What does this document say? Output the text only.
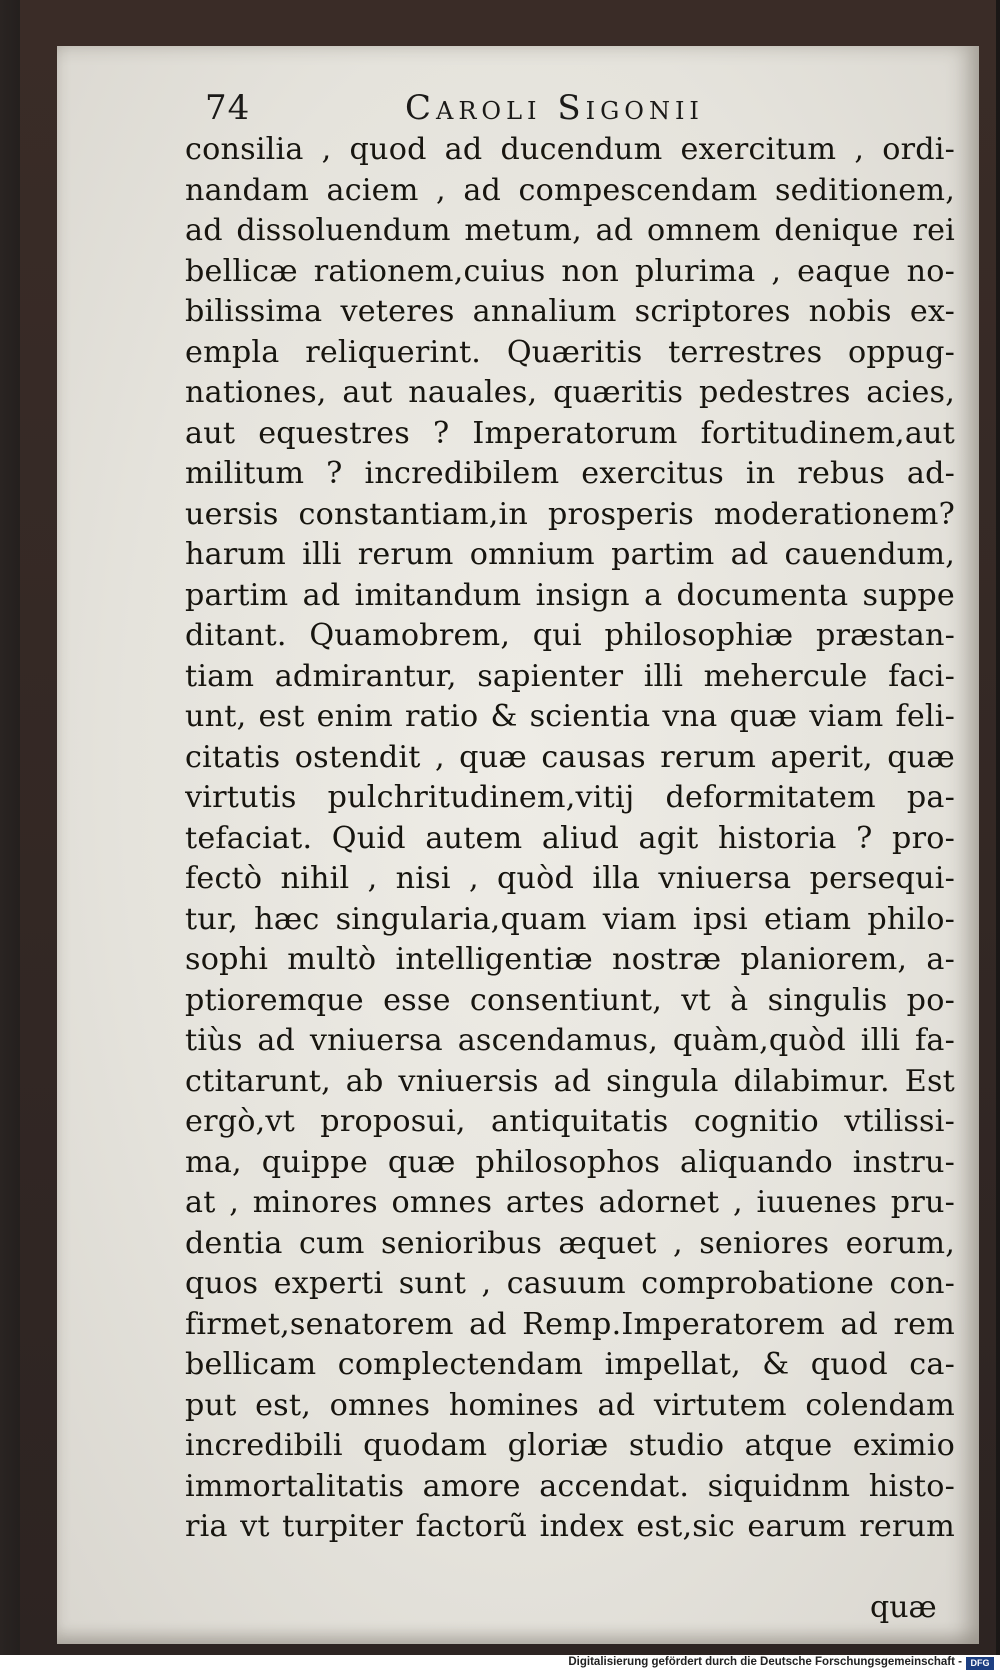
74	Caroli Sigonii
consilia , quod ad ducendum exercitum , ordi-
nandam aciem , ad compescendam seditionem,
ad dissoluendum metum, ad omnem denique rei
bellicæ rationem,cuius non plurima , eaque no-
bilissima veteres annalium scriptores nobis ex-
empla reliquerint. Quæritis terrestres oppug-
nationes, aut nauales, quæritis pedestres acies,
aut equestres ? Imperatorum fortitudinem,aut
militum ? incredibilem exercitus in rebus ad-
uersis constantiam,in prosperis moderationem?
harum illi rerum omnium partim ad cauendum,
partim ad imitandum insign a documenta suppe
ditant. Quamobrem, qui philosophiæ præstan-
tiam admirantur, sapienter illi mehercule faci-
unt, est enim ratio & scientia vna quæ viam feli-
citatis ostendit , quæ causas rerum aperit, quæ
virtutis pulchritudinem,vitij deformitatem pa-
tefaciat. Quid autem aliud agit historia ? pro-
fectò nihil , nisi , quòd illa vniuersa persequi-
tur, hæc singularia,quam viam ipsi etiam philo-
sophi multò intelligentiæ nostræ planiorem, a-
ptioremque esse consentiunt, vt à singulis po-
tiùs ad vniuersa ascendamus, quàm,quòd illi fa-
ctitarunt, ab vniuersis ad singula dilabimur. Est
ergò,vt proposui, antiquitatis cognitio vtilissi-
ma, quippe quæ philosophos aliquando instru-
at , minores omnes artes adornet , iuuenes pru-
dentia cum senioribus æquet , seniores eorum,
quos experti sunt , casuum comprobatione con-
firmet,senatorem ad Remp.Imperatorem ad rem
bellicam complectendam impellat, & quod ca-
put est, omnes homines ad virtutem colendam
incredibili quodam gloriæ studio atque eximio
immortalitatis amore accendat. siquidnm histo-
ria vt turpiter factorũ index est,sic earum rerum
quæ
Digitalisierung gefördert durch die Deutsche Forschungsgemeinschaft - DFG
